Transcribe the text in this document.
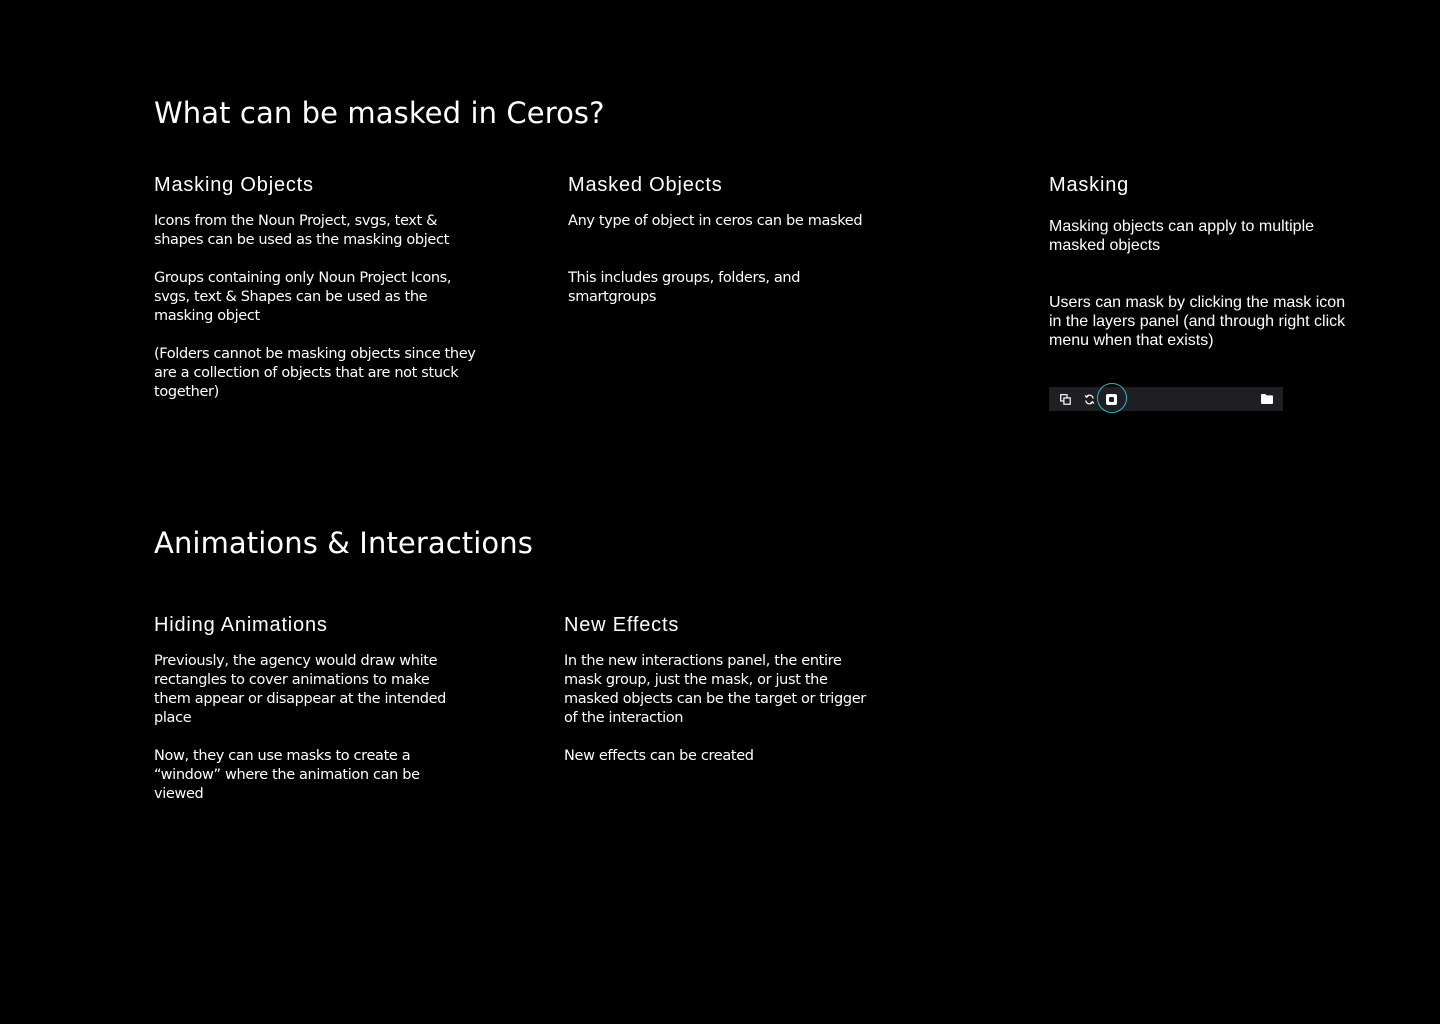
What can be masked in Ceros?
Masking Objects

Icons from the Noun Project, svgs, text & shapes can be used as the masking object

Groups containing only Noun Project Icons, svgs, text & Shapes can be used as the masking object

(Folders cannot be masking objects since they are a collection of objects that are not stuck together)

Masked Objects

Any type of object in ceros can be masked

This includes groups, folders, and smartgroups

Masking

Masking objects can apply to multiple masked objects

Users can mask by clicking the mask icon in the layers panel (and through right click menu when that exists)

Animations & Interactions
Hiding Animations

Previously, the agency would draw white rectangles to cover animations to make them appear or disappear at the intended place

Now, they can use masks to create a “window” where the animation can be viewed

New Effects

In the new interactions panel, the entire mask group, just the mask, or just the masked objects can be the target or trigger of the interaction

New effects can be created
